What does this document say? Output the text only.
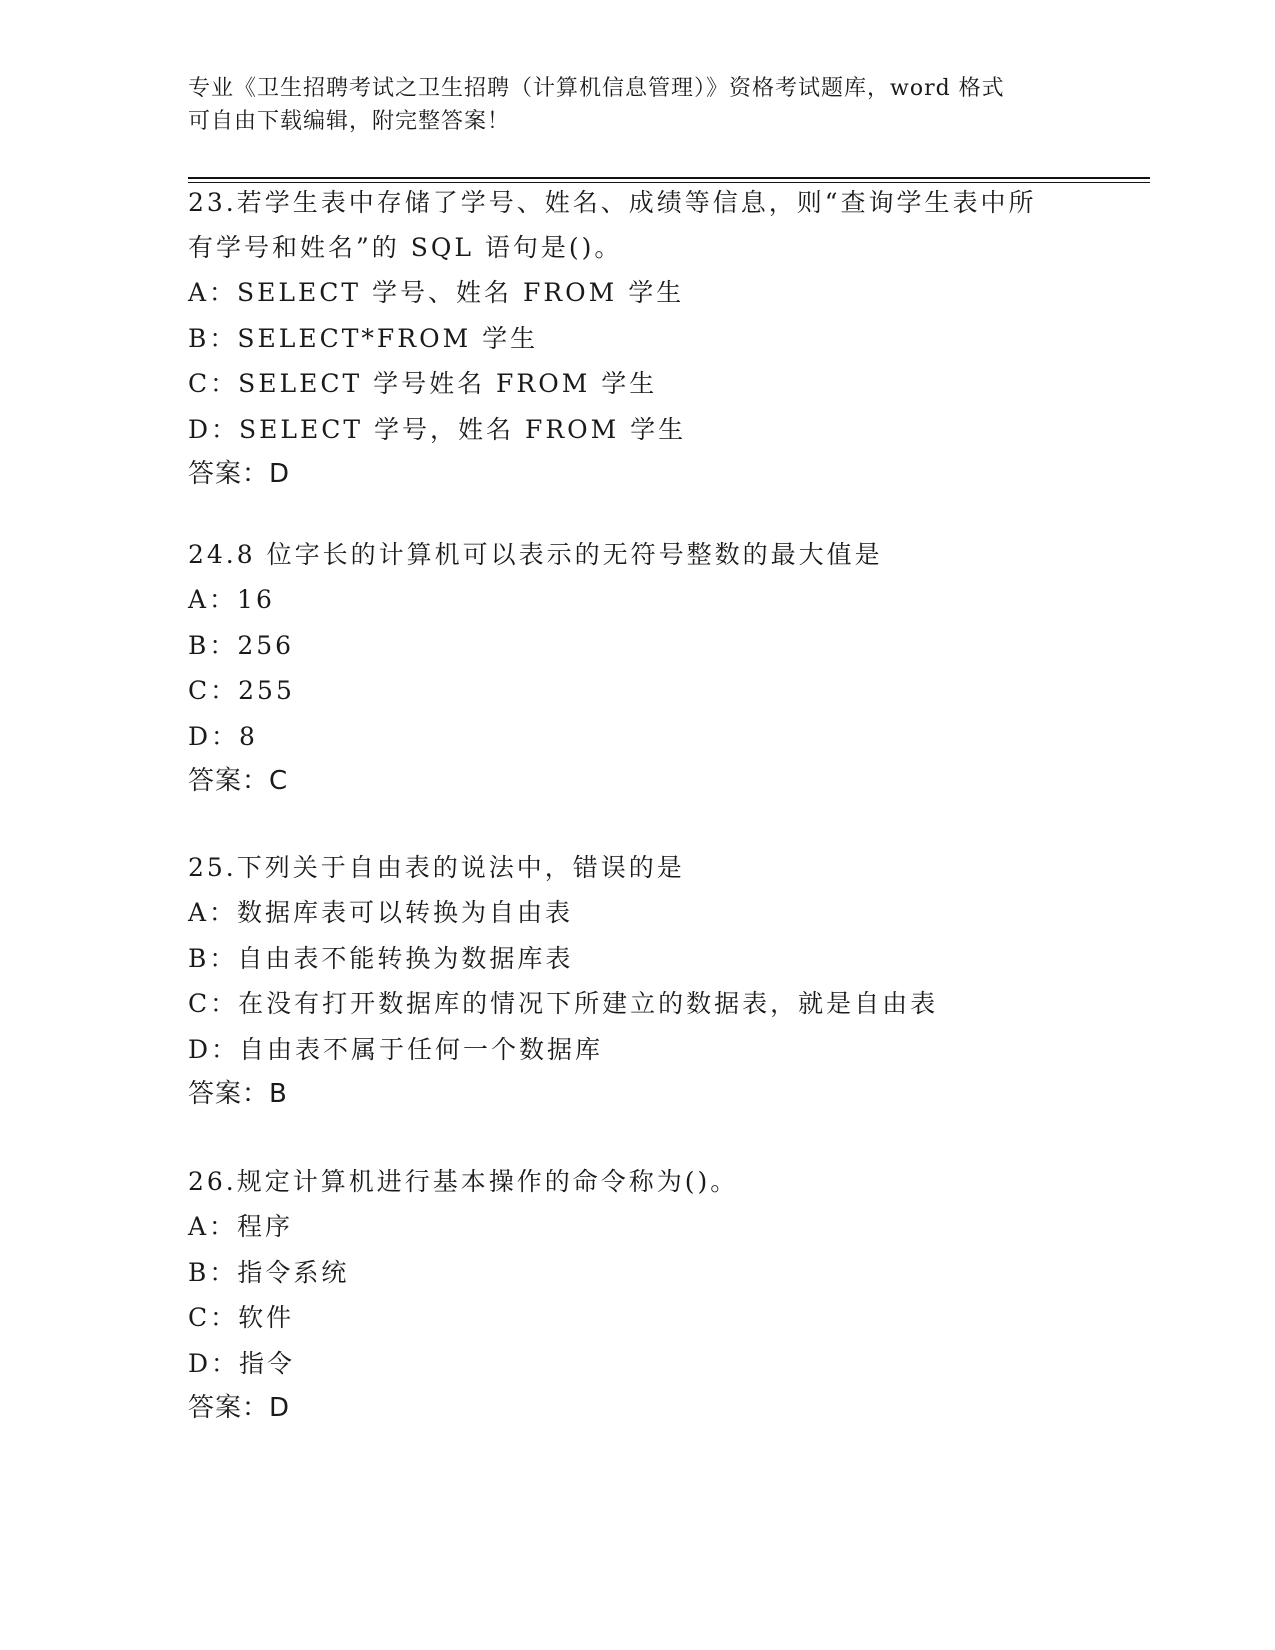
专业《卫生招聘考试之卫生招聘（计算机信息管理）》资格考试题库，word 格式
可自由下载编辑，附完整答案！

23.若学生表中存储了学号、姓名、成绩等信息，则“查询学生表中所

有学号和姓名”的 SQL 语句是()。

A：SELECT 学号、姓名 FROM 学生

B：SELECT*FROM 学生

C：SELECT 学号姓名 FROM 学生

D：SELECT 学号，姓名 FROM 学生

答案：D

24.8 位字长的计算机可以表示的无符号整数的最大值是

A：16

B：256

C：255

D：8

答案：C

25.下列关于自由表的说法中，错误的是

A：数据库表可以转换为自由表

B：自由表不能转换为数据库表

C：在没有打开数据库的情况下所建立的数据表，就是自由表

D：自由表不属于任何一个数据库

答案：B

26.规定计算机进行基本操作的命令称为()。

A：程序

B：指令系统

C：软件

D：指令

答案：D
